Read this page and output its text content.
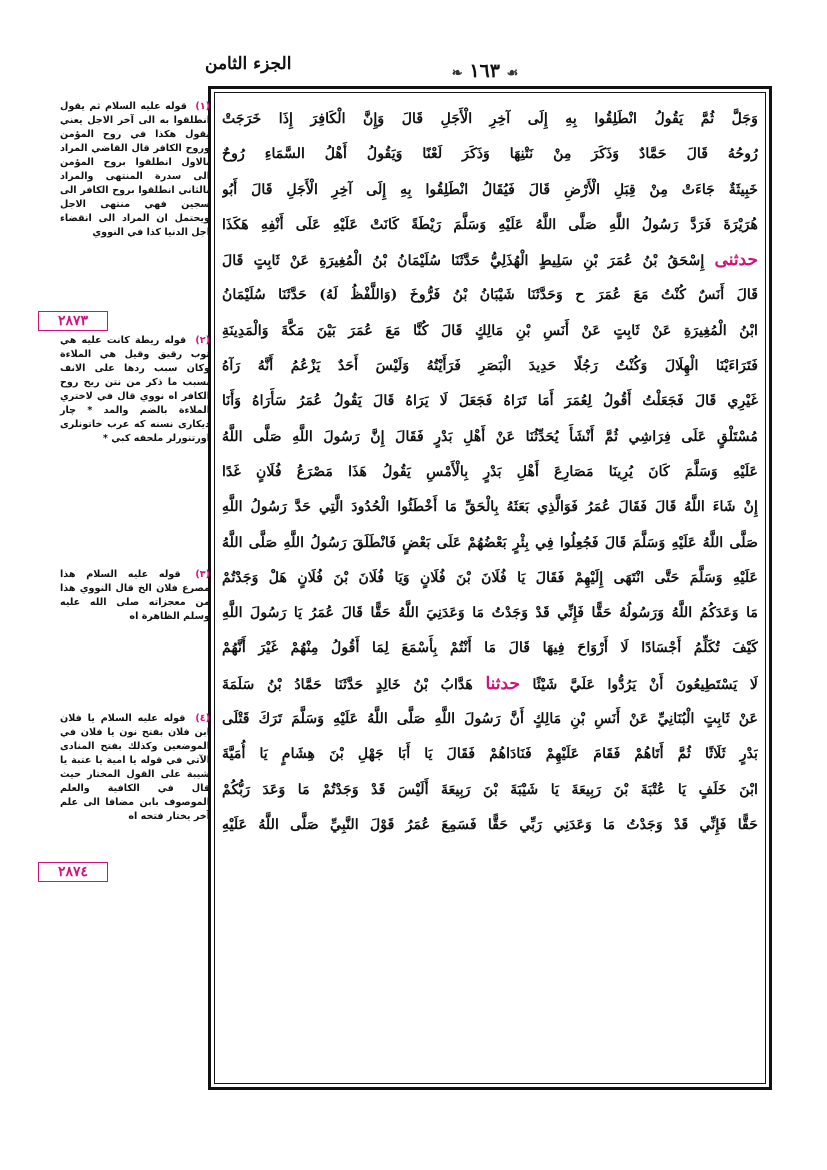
الجزء الثامن	☙ ١٦٣ ❧
وَجَلَّ ثُمَّ يَقُولُ انْطَلِقُوا بِهِ إِلَى آخِرِ الْأَجَلِ قَالَ وَإِنَّ الْكَافِرَ إِذَا خَرَجَتْ
رُوحُهُ قَالَ حَمَّادٌ وَذَكَرَ مِنْ نَتْنِهَا وَذَكَرَ لَعْنًا وَيَقُولُ أَهْلُ السَّمَاءِ رُوحٌ
خَبِيثَةٌ جَاءَتْ مِنْ قِبَلِ الْأَرْضِ قَالَ فَيُقَالُ انْطَلِقُوا بِهِ إِلَى آخِرِ الْأَجَلِ قَالَ أَبُو
هُرَيْرَةَ فَرَدَّ رَسُولُ اللَّهِ صَلَّى اللَّهُ عَلَيْهِ وَسَلَّمَ رَيْطَةً كَانَتْ عَلَيْهِ عَلَى أَنْفِهِ هَكَذَا
حدثنى إِسْحَقُ بْنُ عُمَرَ بْنِ سَلِيطٍ الْهُذَلِيُّ حَدَّثَنَا سُلَيْمَانُ بْنُ الْمُغِيرَةِ عَنْ ثَابِتٍ قَالَ
قَالَ أَنَسٌ كُنْتُ مَعَ عُمَرَ ح وَحَدَّثَنَا شَيْبَانُ بْنُ فَرُّوخَ (وَاللَّفْظُ لَهُ) حَدَّثَنَا سُلَيْمَانُ
ابْنُ الْمُغِيرَةِ عَنْ ثَابِتٍ عَنْ أَنَسِ بْنِ مَالِكٍ قَالَ كُنَّا مَعَ عُمَرَ بَيْنَ مَكَّةَ وَالْمَدِينَةِ
فَتَرَاءَيْنَا الْهِلَالَ وَكُنْتُ رَجُلًا حَدِيدَ الْبَصَرِ فَرَأَيْتُهُ وَلَيْسَ أَحَدٌ يَزْعُمُ أَنَّهُ رَآهُ
غَيْرِي قَالَ فَجَعَلْتُ أَقُولُ لِعُمَرَ أَمَا تَرَاهُ فَجَعَلَ لَا يَرَاهُ قَالَ يَقُولُ عُمَرُ سَأَرَاهُ وَأَنَا
مُسْتَلْقٍ عَلَى فِرَاشِي ثُمَّ أَنْشَأَ يُحَدِّثُنَا عَنْ أَهْلِ بَدْرٍ فَقَالَ إِنَّ رَسُولَ اللَّهِ صَلَّى اللَّهُ
عَلَيْهِ وَسَلَّمَ كَانَ يُرِينَا مَصَارِعَ أَهْلِ بَدْرٍ بِالْأَمْسِ يَقُولُ هَذَا مَصْرَعُ فُلَانٍ غَدًا
إِنْ شَاءَ اللَّهُ قَالَ فَقَالَ عُمَرُ فَوَالَّذِي بَعَثَهُ بِالْحَقِّ مَا أَخْطَئُوا الْحُدُودَ الَّتِي حَدَّ رَسُولُ اللَّهِ
صَلَّى اللَّهُ عَلَيْهِ وَسَلَّمَ قَالَ فَجُعِلُوا فِي بِئْرٍ بَعْضُهُمْ عَلَى بَعْضٍ فَانْطَلَقَ رَسُولُ اللَّهِ صَلَّى اللَّهُ
عَلَيْهِ وَسَلَّمَ حَتَّى انْتَهَى إِلَيْهِمْ فَقَالَ يَا فُلَانَ بْنَ فُلَانٍ وَيَا فُلَانَ بْنَ فُلَانٍ هَلْ وَجَدْتُمْ
مَا وَعَدَكُمُ اللَّهُ وَرَسُولُهُ حَقًّا فَإِنِّي قَدْ وَجَدْتُ مَا وَعَدَنِيَ اللَّهُ حَقًّا قَالَ عُمَرُ يَا رَسُولَ اللَّهِ
كَيْفَ تُكَلِّمُ أَجْسَادًا لَا أَرْوَاحَ فِيهَا قَالَ مَا أَنْتُمْ بِأَسْمَعَ لِمَا أَقُولُ مِنْهُمْ غَيْرَ أَنَّهُمْ
لَا يَسْتَطِيعُونَ أَنْ يَرُدُّوا عَلَيَّ شَيْئًا حدثنا هَدَّابُ بْنُ خَالِدٍ حَدَّثَنَا حَمَّادُ بْنُ سَلَمَةَ
عَنْ ثَابِتٍ الْبُنَانِيِّ عَنْ أَنَسِ بْنِ مَالِكٍ أَنَّ رَسُولَ اللَّهِ صَلَّى اللَّهُ عَلَيْهِ وَسَلَّمَ تَرَكَ قَتْلَى
بَدْرٍ ثَلَاثًا ثُمَّ أَتَاهُمْ فَقَامَ عَلَيْهِمْ فَنَادَاهُمْ فَقَالَ يَا أَبَا جَهْلِ بْنَ هِشَامٍ يَا أُمَيَّةَ
ابْنَ خَلَفٍ يَا عُتْبَةَ بْنَ رَبِيعَةَ يَا شَيْبَةَ بْنَ رَبِيعَةَ أَلَيْسَ قَدْ وَجَدْتُمْ مَا وَعَدَ رَبُّكُمْ
حَقًّا فَإِنِّي قَدْ وَجَدْتُ مَا وَعَدَنِي رَبِّي حَقًّا فَسَمِعَ عُمَرُ قَوْلَ النَّبِيِّ صَلَّى اللَّهُ عَلَيْهِ
(١) قوله عليه السلام ثم يقول انطلقوا به الى آخر الاجل يعني يقول هكذا في روح المؤمن وروح الكافر قال القاضي المراد بالاول انطلقوا بروح المؤمن الى سدرة المنتهى والمراد بالثاني انطلقوا بروح الكافر الى سجين فهي منتهى الاجل ويحتمل ان المراد الى انقضاء اجل الدنيا كذا في النووي
٢٨٧٣
(٢) قوله ريطة كانت عليه هي ثوب رقيق وقيل هي الملاءة وكان سبب ردها على الانف بسبب ما ذكر من نتن ريح روح الكافر اه نووي قال في لاختري الملاءة بالضم والمد * چار ديكارى نسنه كه عرب خاتونلرى اورتنورلر ملحفه كبي *
(٣) قوله عليه السلام هذا مصرع فلان الخ قال النووي هذا من معجزاته صلى الله عليه وسلم الظاهرة اه
(٤) قوله عليه السلام يا فلان ابن فلان بفتح نون يا فلان في الموضعين وكذلك بفتح المنادى الآتي في قوله يا امية يا عتبة يا شيبة على القول المختار حيث قال في الكافية والعلم الموصوف بابن مضافا الى علم آخر يختار فتحه اه
٢٨٧٤
